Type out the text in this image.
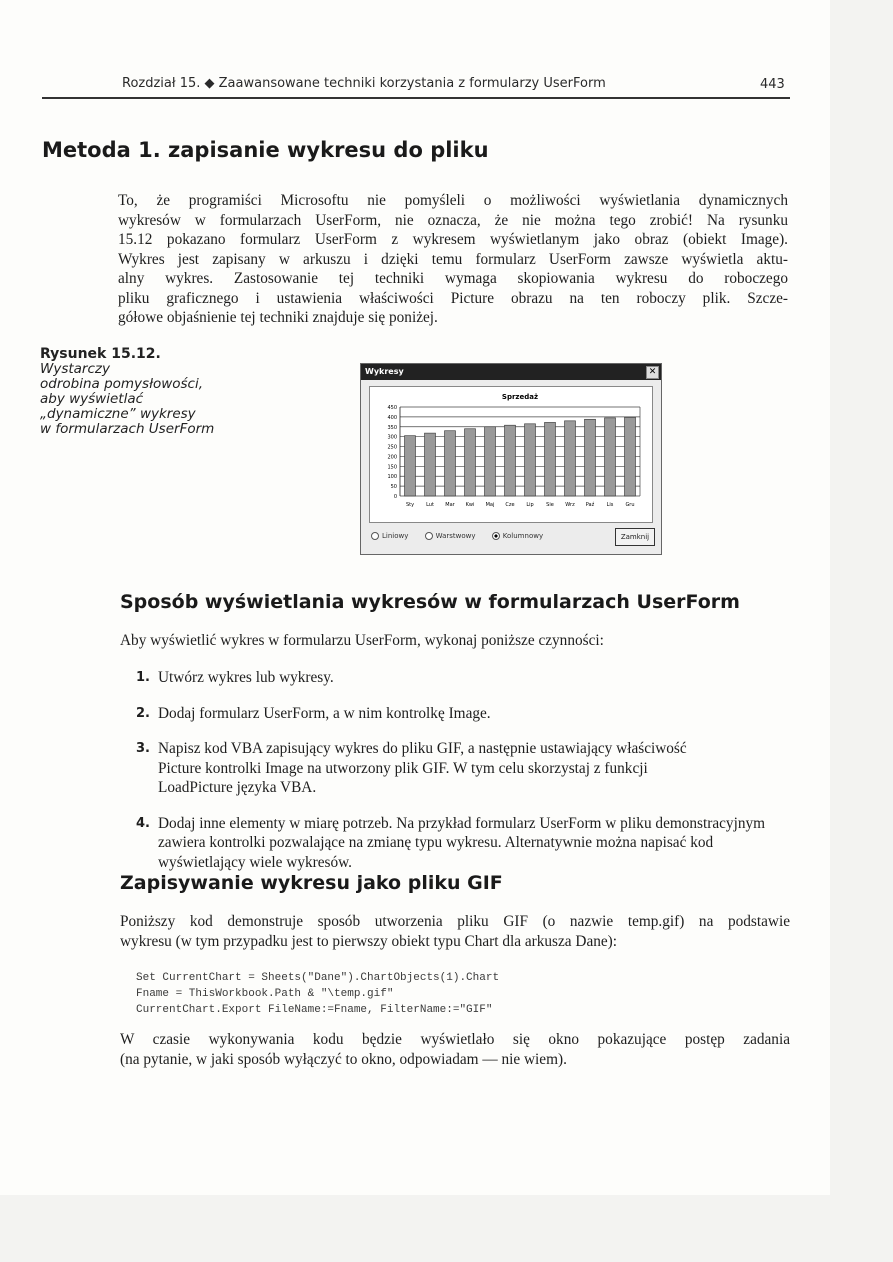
Rozdział 15. ◆ Zaawansowane techniki korzystania z formularzy UserForm	443
Metoda 1. zapisanie wykresu do pliku

To, że programiści Microsoftu nie pomyśleli o możliwości wyświetlania dynamicznych

wykresów w formularzach UserForm, nie oznacza, że nie można tego zrobić! Na rysunku

15.12 pokazano formularz UserForm z wykresem wyświetlanym jako obraz (obiekt Image).

Wykres jest zapisany w arkuszu i dzięki temu formularz UserForm zawsze wyświetla aktu-

alny wykres. Zastosowanie tej techniki wymaga skopiowania wykresu do roboczego

pliku graficznego i ustawienia właściwości Picture obrazu na ten roboczy plik. Szcze-

gółowe objaśnienie tej techniki znajduje się poniżej.

Rysunek 15.12.
Wystarczy
odrobina pomysłowości,
aby wyświetlać
„dynamiczne” wykresy
w formularzach UserForm
Wykresy	✕
Sprzedaż
0
50
100
150
200
250
300
350
400
450
Sty Lut Mar Kwi Maj Cze Lip	Sie Wrz Paź Lis Gru
Liniowy	Warstwowy	Kolumnowy	Zamknij
Sposób wyświetlania wykresów w formularzach UserForm

Aby wyświetlić wykres w formularzu UserForm, wykonaj poniższe czynności:

1. Utwórz wykres lub wykresy.
2. Dodaj formularz UserForm, a w nim kontrolkę Image.
3. Napisz kod VBA zapisujący wykres do pliku GIF, a następnie ustawiający właściwość Picture kontrolki Image na utworzony plik GIF. W tym celu skorzystaj z funkcji LoadPicture języka VBA.
4. Dodaj inne elementy w miarę potrzeb. Na przykład formularz UserForm w pliku demonstracyjnym zawiera kontrolki pozwalające na zmianę typu wykresu. Alternatywnie można napisać kod wyświetlający wiele wykresów.
Zapisywanie wykresu jako pliku GIF

Poniższy kod demonstruje sposób utworzenia pliku GIF (o nazwie temp.gif) na podstawie

wykresu (w tym przypadku jest to pierwszy obiekt typu Chart dla arkusza Dane):

Set CurrentChart = Sheets("Dane").ChartObjects(1).Chart
Fname = ThisWorkbook.Path & "\temp.gif"
CurrentChart.Export FileName:=Fname, FilterName:="GIF"

W czasie wykonywania kodu będzie wyświetlało się okno pokazujące postęp zadania

(na pytanie, w jaki sposób wyłączyć to okno, odpowiadam — nie wiem).
